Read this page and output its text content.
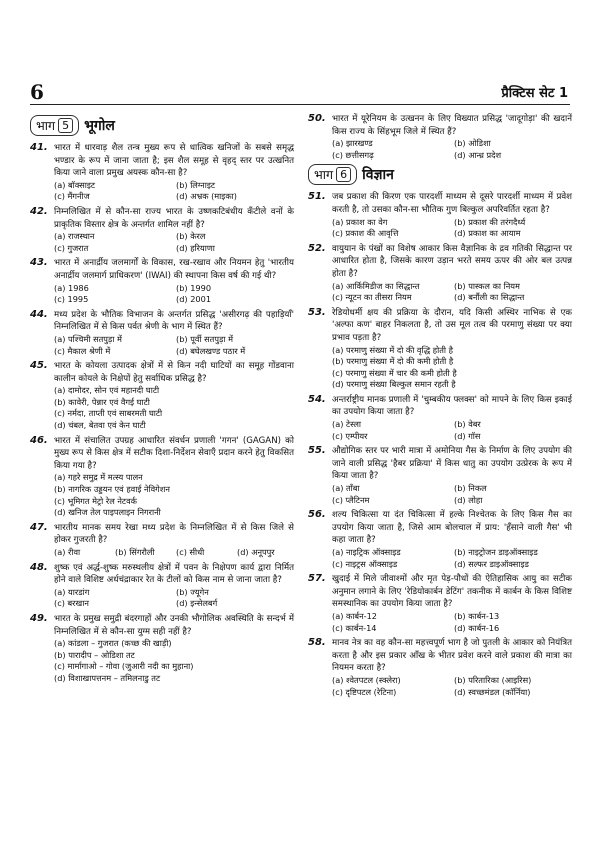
6	प्रैक्टिस सेट 1
भाग 5 भूगोल
41. भारत में धारवाड़ शैल तन्त्र मुख्य रूप से धात्विक खनिजों के सबसे समृद्ध भण्डार के रूप में जाना जाता है; इस शैल समूह से वृहद् स्तर पर उत्खनित किया जाने वाला प्रमुख अयस्क कौन-सा है?
(a) बॉक्साइट	(b) लिग्नाइट
(c) मैंगनीज	(d) अभ्रक (माइका)
42. निम्नलिखित में से कौन-सा राज्य भारत के उष्णकटिबंधीय कँटीले वनों के प्राकृतिक विस्तार क्षेत्र के अन्तर्गत शामिल नहीं है?
(a) राजस्थान	(b) केरल
(c) गुजरात	(d) हरियाणा
43. भारत में अनार्द्रीय जलमार्गों के विकास, रख-रखाव और नियमन हेतु 'भारतीय अनार्द्रीय जलमार्ग प्राधिकरण' (IWAI) की स्थापना किस वर्ष की गई थी?
(a) 1986	(b) 1990
(c) 1995	(d) 2001
44. मध्य प्रदेश के भौतिक विभाजन के अन्तर्गत प्रसिद्ध 'असीरगढ़ की पहाड़ियाँ' निम्नलिखित में से किस पर्वत श्रेणी के भाग में स्थित हैं?
(a) पश्चिमी सतपुड़ा में	(b) पूर्वी सतपुड़ा में
(c) मैकाल श्रेणी में	(d) बघेलखण्ड पठार में
45. भारत के कोयला उत्पादक क्षेत्रों में से किन नदी घाटियों का समूह गोंडवाना कालीन कोयले के निक्षेपों हेतु सर्वाधिक प्रसिद्ध है?
(a) दामोदर, सोन एवं महानदी घाटी
(b) कावेरी, पेन्नार एवं वैगई घाटी
(c) नर्मदा, ताप्ती एवं साबरमती घाटी
(d) चंबल, बेतवा एवं केन घाटी
46. भारत में संचालित उपग्रह आधारित संवर्धन प्रणाली 'गगन' (GAGAN) को मुख्य रूप से किस क्षेत्र में सटीक दिशा-निर्देशन सेवाएँ प्रदान करने हेतु विकसित किया गया है?
(a) गहरे समुद्र में मत्स्य पालन
(b) नागरिक उड्डयन एवं हवाई नेविगेशन
(c) भूमिगत मेट्रो रेल नेटवर्क
(d) खनिज तेल पाइपलाइन निगरानी
47. भारतीय मानक समय रेखा मध्य प्रदेश के निम्नलिखित में से किस जिले से होकर गुजरती है?
(a) रीवा	(b) सिंगरौली	(c) सीधी	(d) अनूपपुर
48. शुष्क एवं अर्द्ध-शुष्क मरुस्थलीय क्षेत्रों में पवन के निक्षेपण कार्य द्वारा निर्मित होने वाले विशिष्ट अर्धचंद्राकार रेत के टीलों को किस नाम से जाना जाता है?
(a) यारडांग	(b) ज्यूगेन
(c) बरखान	(d) इन्सेलबर्ग
49. भारत के प्रमुख समुद्री बंदरगाहों और उनकी भौगोलिक अवस्थिति के सन्दर्भ में निम्नलिखित में से कौन-सा युग्म सही नहीं है?
(a) कांडला – गुजरात (कच्छ की खाड़ी)
(b) पारादीप – ओडिशा तट
(c) मार्मागाओ – गोवा (जुआरी नदी का मुहाना)
(d) विशाखापत्तनम – तमिलनाडु तट
50. भारत में यूरेनियम के उत्खनन के लिए विख्यात प्रसिद्ध 'जादूगोड़ा' की खदानें किस राज्य के सिंहभूम जिले में स्थित हैं?
(a) झारखण्ड	(b) ओडिशा
(c) छत्तीसगढ़	(d) आन्ध्र प्रदेश
भाग 6 विज्ञान
51. जब प्रकाश की किरण एक पारदर्शी माध्यम से दूसरे पारदर्शी माध्यम में प्रवेश करती है, तो उसका कौन-सा भौतिक गुण बिल्कुल अपरिवर्तित रहता है?
(a) प्रकाश का वेग	(b) प्रकाश की तरंगदैर्ध्य
(c) प्रकाश की आवृत्ति	(d) प्रकाश का आयाम
52. वायुयान के पंखों का विशेष आकार किस वैज्ञानिक के द्रव गतिकी सिद्धान्त पर आधारित होता है, जिसके कारण उड़ान भरते समय ऊपर की ओर बल उत्पन्न होता है?
(a) आर्किमिडीज का सिद्धान्त	(b) पास्कल का नियम
(c) न्यूटन का तीसरा नियम	(d) बर्नौली का सिद्धान्त
53. रेडियोधर्मी क्षय की प्रक्रिया के दौरान, यदि किसी अस्थिर नाभिक से एक 'अल्फा कण' बाहर निकलता है, तो उस मूल तत्व की परमाणु संख्या पर क्या प्रभाव पड़ता है?
(a) परमाणु संख्या में दो की वृद्धि होती है
(b) परमाणु संख्या में दो की कमी होती है
(c) परमाणु संख्या में चार की कमी होती है
(d) परमाणु संख्या बिल्कुल समान रहती है
54. अन्तर्राष्ट्रीय मानक प्रणाली में 'चुम्बकीय फ्लक्स' को मापने के लिए किस इकाई का उपयोग किया जाता है?
(a) टेस्ला	(b) वेबर
(c) एम्पीयर	(d) गॉस
55. औद्योगिक स्तर पर भारी मात्रा में अमोनिया गैस के निर्माण के लिए उपयोग की जाने वाली प्रसिद्ध 'हैबर प्रक्रिया' में किस धातु का उपयोग उत्प्रेरक के रूप में किया जाता है?
(a) ताँबा	(b) निकल
(c) प्लैटिनम	(d) लोहा
56. शल्य चिकित्सा या दंत चिकित्सा में हल्के निश्चेतक के लिए किस गैस का उपयोग किया जाता है, जिसे आम बोलचाल में प्राय: 'हँसाने वाली गैस' भी कहा जाता है?
(a) नाइट्रिक ऑक्साइड	(b) नाइट्रोजन डाइऑक्साइड
(c) नाइट्रस ऑक्साइड	(d) सल्फर डाइऑक्साइड
57. खुदाई में मिले जीवाश्मों और मृत पेड़-पौधों की ऐतिहासिक आयु का सटीक अनुमान लगाने के लिए 'रेडियोकार्बन डेटिंग' तकनीक में कार्बन के किस विशिष्ट समस्थानिक का उपयोग किया जाता है?
(a) कार्बन-12	(b) कार्बन-13
(c) कार्बन-14	(d) कार्बन-16
58. मानव नेत्र का वह कौन-सा महत्त्वपूर्ण भाग है जो पुतली के आकार को नियंत्रित करता है और इस प्रकार आँख के भीतर प्रवेश करने वाले प्रकाश की मात्रा का नियमन करता है?
(a) श्वेतपटल (स्क्लेरा)	(b) परितारिका (आइरिस)
(c) दृष्टिपटल (रेटिना)	(d) स्वच्छमंडल (कॉर्निया)
